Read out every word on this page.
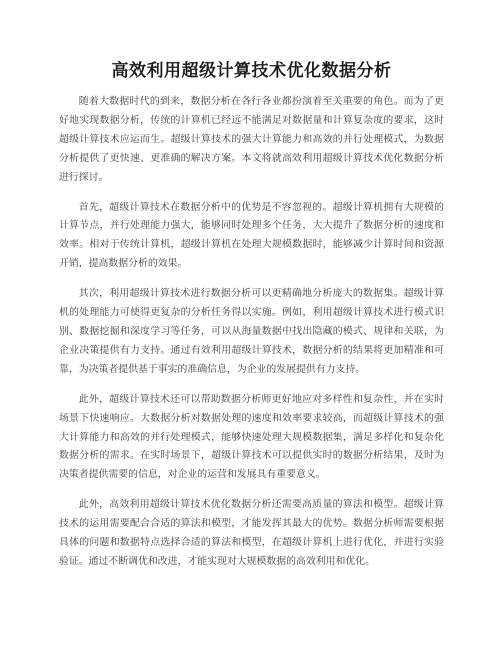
高效利用超级计算技术优化数据分析

随着大数据时代的到来，数据分析在各行各业都扮演着至关重要的角色。而为了更好地实现数据分析，传统的计算机已经远不能满足对数据量和计算复杂度的要求，这时超级计算技术应运而生。超级计算技术的强大计算能力和高效的并行处理模式，为数据分析提供了更快速、更准确的解决方案。本文将就高效利用超级计算技术优化数据分析进行探讨。

首先，超级计算技术在数据分析中的优势是不容忽视的。超级计算机拥有大规模的计算节点，并行处理能力强大，能够同时处理多个任务，大大提升了数据分析的速度和效率。相对于传统计算机，超级计算机在处理大规模数据时，能够减少计算时间和资源开销，提高数据分析的效果。

其次，利用超级计算技术进行数据分析可以更精确地分析庞大的数据集。超级计算机的处理能力可使得更复杂的分析任务得以实施。例如，利用超级计算技术进行模式识别、数据挖掘和深度学习等任务，可以从海量数据中找出隐藏的模式、规律和关联，为企业决策提供有力支持。通过有效利用超级计算技术，数据分析的结果将更加精准和可靠，为决策者提供基于事实的准确信息，为企业的发展提供有力支持。

此外，超级计算技术还可以帮助数据分析师更好地应对多样性和复杂性，并在实时场景下快速响应。大数据分析对数据处理的速度和效率要求较高，而超级计算技术的强大计算能力和高效的并行处理模式，能够快速处理大规模数据集，满足多样化和复杂化数据分析的需求。在实时场景下，超级计算技术可以提供实时的数据分析结果，及时为决策者提供需要的信息，对企业的运营和发展具有重要意义。

此外，高效利用超级计算技术优化数据分析还需要高质量的算法和模型。超级计算技术的运用需要配合合适的算法和模型，才能发挥其最大的优势。数据分析师需要根据具体的问题和数据特点选择合适的算法和模型，在超级计算机上进行优化，并进行实验验证。通过不断调优和改进，才能实现对大规模数据的高效利用和优化。
